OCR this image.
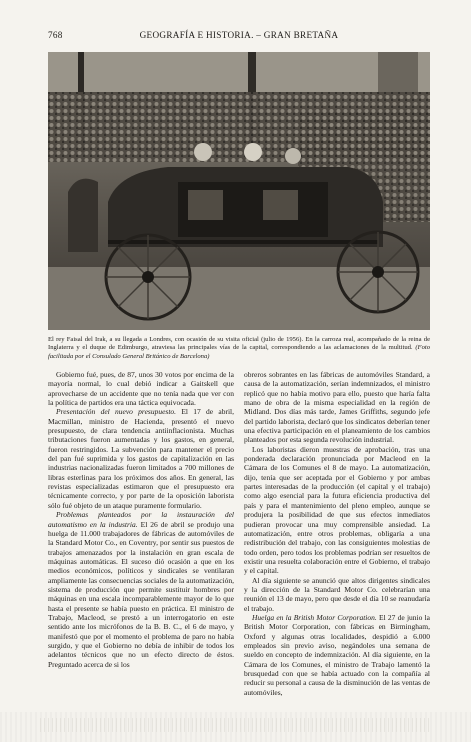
768	GEOGRAFÍA E HISTORIA. – GRAN BRETAÑA
El rey Faisal del Irak, a su llegada a Londres, con ocasión de su visita oficial (julio de 1956). En la carroza real, acompañado de la reina de Inglaterra y el duque de Edimburgo, atraviesa las principales vías de la capital, correspondiendo a las aclamaciones de la multitud. (Foto facilitada por el Consulado General Británico de Barcelona)

Gobierno fué, pues, de 87, unos 30 votos por encima de la mayoría normal, lo cual debió indicar a Gaitskell que aprovecharse de un accidente que no tenía nada que ver con la política de partidos era una táctica equivocada.

Presentación del nuevo presupuesto. El 17 de abril, Macmillan, ministro de Hacienda, presentó el nuevo presupuesto, de clara tendencia antiinflacionista. Muchas tributaciones fueron aumentadas y los gastos, en general, fueron restringidos. La subvención para mantener el precio del pan fué suprimida y los gastos de capitalización en las industrias nacionalizadas fueron limitados a 700 millones de libras esterlinas para los próximos dos años. En general, las revistas especializadas estimaron que el presupuesto era técnicamente correcto, y por parte de la oposición laborista sólo fué objeto de un ataque puramente formulario.

Problemas planteados por la instauración del automatismo en la industria. El 26 de abril se produjo una huelga de 11.000 trabajadores de fábricas de automóviles de la Standard Motor Co., en Coventry, por sentir sus puestos de trabajos amenazados por la instalación en gran escala de máquinas automáticas. El suceso dió ocasión a que en los medios económicos, políticos y sindicales se ventilaran ampliamente las consecuencias sociales de la automatización, sistema de producción que permite sustituir hombres por máquinas en una escala incomparablemente mayor de lo que hasta el presente se había puesto en práctica. El ministro de Trabajo, Macleod, se prestó a un interrogatorio en este sentido ante los micrófonos de la B. B. C., el 6 de mayo, y manifestó que por el momento el problema de paro no había surgido, y que el Gobierno no debía de inhibir de todos los adelantos técnicos que no un efecto directo de éstos. Preguntado acerca de si los

obreros sobrantes en las fábricas de automóviles Standard, a causa de la automatización, serían indemnizados, el ministro replicó que no había motivo para ello, puesto que haría falta mano de obra de la misma especialidad en la región de Midland. Dos días más tarde, James Griffiths, segundo jefe del partido laborista, declaró que los sindicatos deberían tener una efectiva participación en el planeamiento de los cambios planteados por esta segunda revolución industrial.

Los laboristas dieron muestras de aprobación, tras una ponderada declaración pronunciada por Macleod en la Cámara de los Comunes el 8 de mayo. La automatización, dijo, tenía que ser aceptada por el Gobierno y por ambas partes interesadas de la producción (el capital y el trabajo) como algo esencial para la futura eficiencia productiva del país y para el mantenimiento del pleno empleo, aunque se produjera la posibilidad de que sus efectos inmediatos pudieran provocar una muy comprensible ansiedad. La automatización, entre otros problemas, obligaría a una redistribución del trabajo, con las consiguientes molestias de todo orden, pero todos los problemas podrían ser resueltos de existir una resuelta colaboración entre el Gobierno, el trabajo y el capital.

Al día siguiente se anunció que altos dirigentes sindicales y la dirección de la Standard Motor Co. celebrarían una reunión el 13 de mayo, pero que desde el día 10 se reanudaría el trabajo.

Huelga en la British Motor Corporation. El 27 de junio la British Motor Corporation, con fábricas en Birmingham, Oxford y algunas otras localidades, despidió a 6.000 empleados sin previo aviso, negándoles una semana de sueldo en concepto de indemnización. Al día siguiente, en la Cámara de los Comunes, el ministro de Trabajo lamentó la brusquedad con que se había actuado con la compañía al reducir su personal a causa de la disminución de las ventas de automóviles,
